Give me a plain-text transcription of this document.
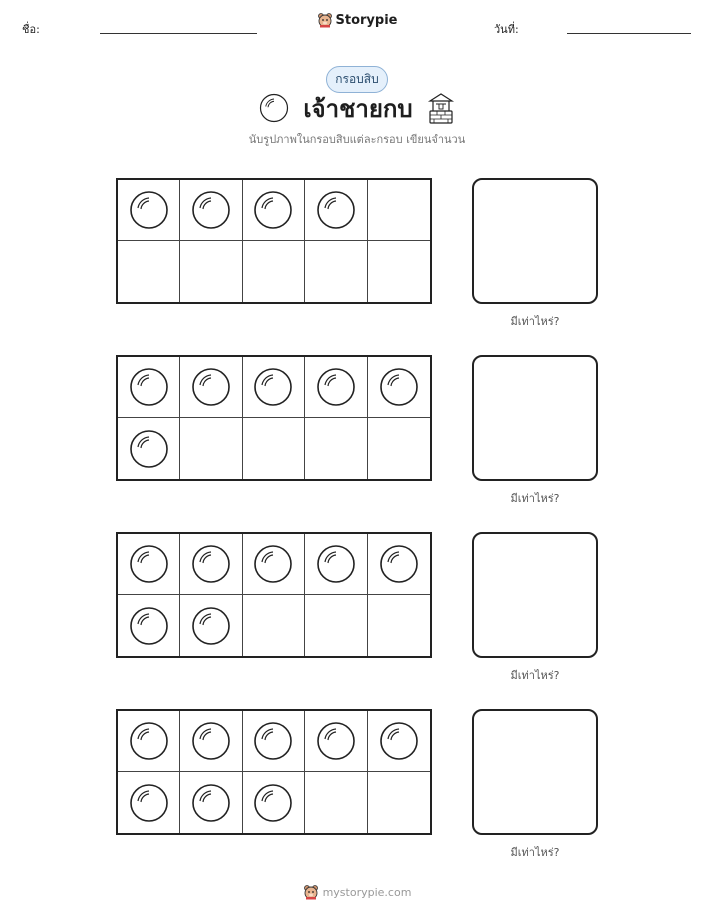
ชื่อ:
Storypie
วันที่:
กรอบสิบ
เจ้าชายกบ
นับรูปภาพในกรอบสิบแต่ละกรอบ เขียนจำนวน
มีเท่าไหร่?
มีเท่าไหร่?
มีเท่าไหร่?
มีเท่าไหร่?
mystorypie.com
